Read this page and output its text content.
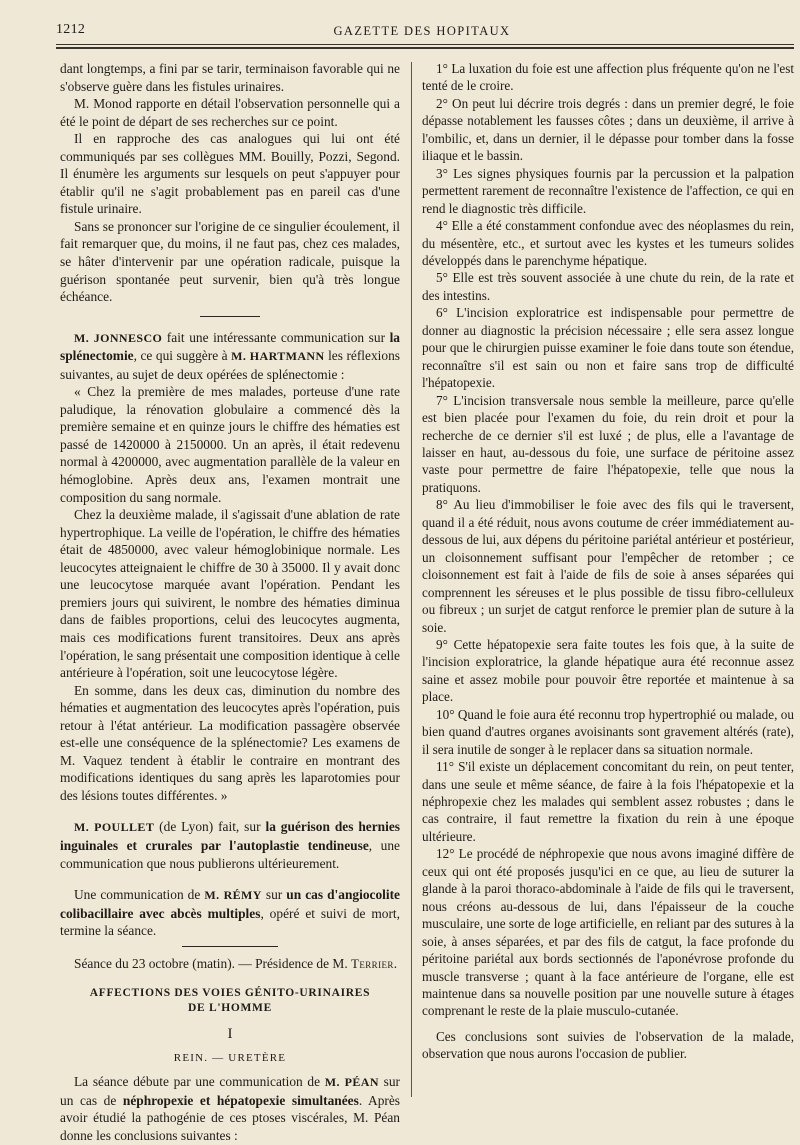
1212	GAZETTE DES HOPITAUX

dant longtemps, a fini par se tarir, terminaison favorable qui ne s'observe guère dans les fistules urinaires.

M. Monod rapporte en détail l'observation personnelle qui a été le point de départ de ses recherches sur ce point.

Il en rapproche des cas analogues qui lui ont été communiqués par ses collègues MM. Bouilly, Pozzi, Segond. Il énumère les arguments sur lesquels on peut s'appuyer pour établir qu'il ne s'agit probablement pas en pareil cas d'une fistule urinaire.

Sans se prononcer sur l'origine de ce singulier écoulement, il fait remarquer que, du moins, il ne faut pas, chez ces malades, se hâter d'intervenir par une opération radicale, puisque la guérison spontanée peut survenir, bien qu'à très longue échéance.

M. JONNESCO fait une intéressante communication sur la splénectomie, ce qui suggère à M. HARTMANN les réflexions suivantes, au sujet de deux opérées de splénectomie :

« Chez la première de mes malades, porteuse d'une rate paludique, la rénovation globulaire a commencé dès la première semaine et en quinze jours le chiffre des hématies est passé de 1420000 à 2150000. Un an après, il était redevenu normal à 4200000, avec augmentation parallèle de la valeur en hémoglobine. Après deux ans, l'examen montrait une composition du sang normale.

Chez la deuxième malade, il s'agissait d'une ablation de rate hypertrophique. La veille de l'opération, le chiffre des hématies était de 4850000, avec valeur hémoglobinique normale. Les leucocytes atteignaient le chiffre de 30 à 35000. Il y avait donc une leucocytose marquée avant l'opération. Pendant les premiers jours qui suivirent, le nombre des hématies diminua dans de faibles proportions, celui des leucocytes augmenta, mais ces modifications furent transitoires. Deux ans après l'opération, le sang présentait une composition identique à celle antérieure à l'opération, soit une leucocytose légère.

En somme, dans les deux cas, diminution du nombre des hématies et augmentation des leucocytes après l'opération, puis retour à l'état antérieur. La modification passagère observée est-elle une conséquence de la splénectomie? Les examens de M. Vaquez tendent à établir le contraire en montrant des modifications identiques du sang après les laparotomies pour des lésions toutes différentes. »

M. POULLET (de Lyon) fait, sur la guérison des hernies inguinales et crurales par l'autoplastie tendineuse, une communication que nous publierons ultérieurement.

Une communication de M. RÉMY sur un cas d'angiocolite colibacillaire avec abcès multiples, opéré et suivi de mort, termine la séance.

Séance du 23 octobre (matin). — Présidence de M. Terrier.

AFFECTIONS DES VOIES GÉNITO-URINAIRES
DE L'HOMME
I
REIN. — URETÈRE

La séance débute par une communication de M. PÉAN sur un cas de néphropexie et hépatopexie simultanées. Après avoir étudié la pathogénie de ces ptoses viscérales, M. Péan donne les conclusions suivantes :

1° La luxation du foie est une affection plus fréquente qu'on ne l'est tenté de le croire.

2° On peut lui décrire trois degrés : dans un premier degré, le foie dépasse notablement les fausses côtes ; dans un deuxième, il arrive à l'ombilic, et, dans un dernier, il le dépasse pour tomber dans la fosse iliaque et le bassin.

3° Les signes physiques fournis par la percussion et la palpation permettent rarement de reconnaître l'existence de l'affection, ce qui en rend le diagnostic très difficile.

4° Elle a été constamment confondue avec des néoplasmes du rein, du mésentère, etc., et surtout avec les kystes et les tumeurs solides développés dans le parenchyme hépatique.

5° Elle est très souvent associée à une chute du rein, de la rate et des intestins.

6° L'incision exploratrice est indispensable pour permettre de donner au diagnostic la précision nécessaire ; elle sera assez longue pour que le chirurgien puisse examiner le foie dans toute son étendue, reconnaître s'il est sain ou non et faire sans trop de difficulté l'hépatopexie.

7° L'incision transversale nous semble la meilleure, parce qu'elle est bien placée pour l'examen du foie, du rein droit et pour la recherche de ce dernier s'il est luxé ; de plus, elle a l'avantage de laisser en haut, au-dessous du foie, une surface de péritoine assez vaste pour permettre de faire l'hépatopexie, telle que nous la pratiquons.

8° Au lieu d'immobiliser le foie avec des fils qui le traversent, quand il a été réduit, nous avons coutume de créer immédiatement au-dessous de lui, aux dépens du péritoine pariétal antérieur et postérieur, un cloisonnement suffisant pour l'empêcher de retomber ; ce cloisonnement est fait à l'aide de fils de soie à anses séparées qui comprennent les séreuses et le plus possible de tissu fibro-celluleux ou fibreux ; un surjet de catgut renforce le premier plan de suture à la soie.

9° Cette hépatopexie sera faite toutes les fois que, à la suite de l'incision exploratrice, la glande hépatique aura été reconnue assez saine et assez mobile pour pouvoir être reportée et maintenue à sa place.

10° Quand le foie aura été reconnu trop hypertrophié ou malade, ou bien quand d'autres organes avoisinants sont gravement altérés (rate), il sera inutile de songer à le replacer dans sa situation normale.

11° S'il existe un déplacement concomitant du rein, on peut tenter, dans une seule et même séance, de faire à la fois l'hépatopexie et la néphropexie chez les malades qui semblent assez robustes ; dans le cas contraire, il faut remettre la fixation du rein à une époque ultérieure.

12° Le procédé de néphropexie que nous avons imaginé diffère de ceux qui ont été proposés jusqu'ici en ce que, au lieu de suturer la glande à la paroi thoraco-abdominale à l'aide de fils qui le traversent, nous créons au-dessous de lui, dans l'épaisseur de la couche musculaire, une sorte de loge artificielle, en reliant par des sutures à la soie, à anses séparées, et par des fils de catgut, la face profonde du péritoine pariétal aux bords sectionnés de l'aponévrose profonde du muscle transverse ; quant à la face antérieure de l'organe, elle est maintenue dans sa nouvelle position par une nouvelle suture à étages comprenant le reste de la plaie musculo-cutanée.

Ces conclusions sont suivies de l'observation de la malade, observation que nous aurons l'occasion de publier.
